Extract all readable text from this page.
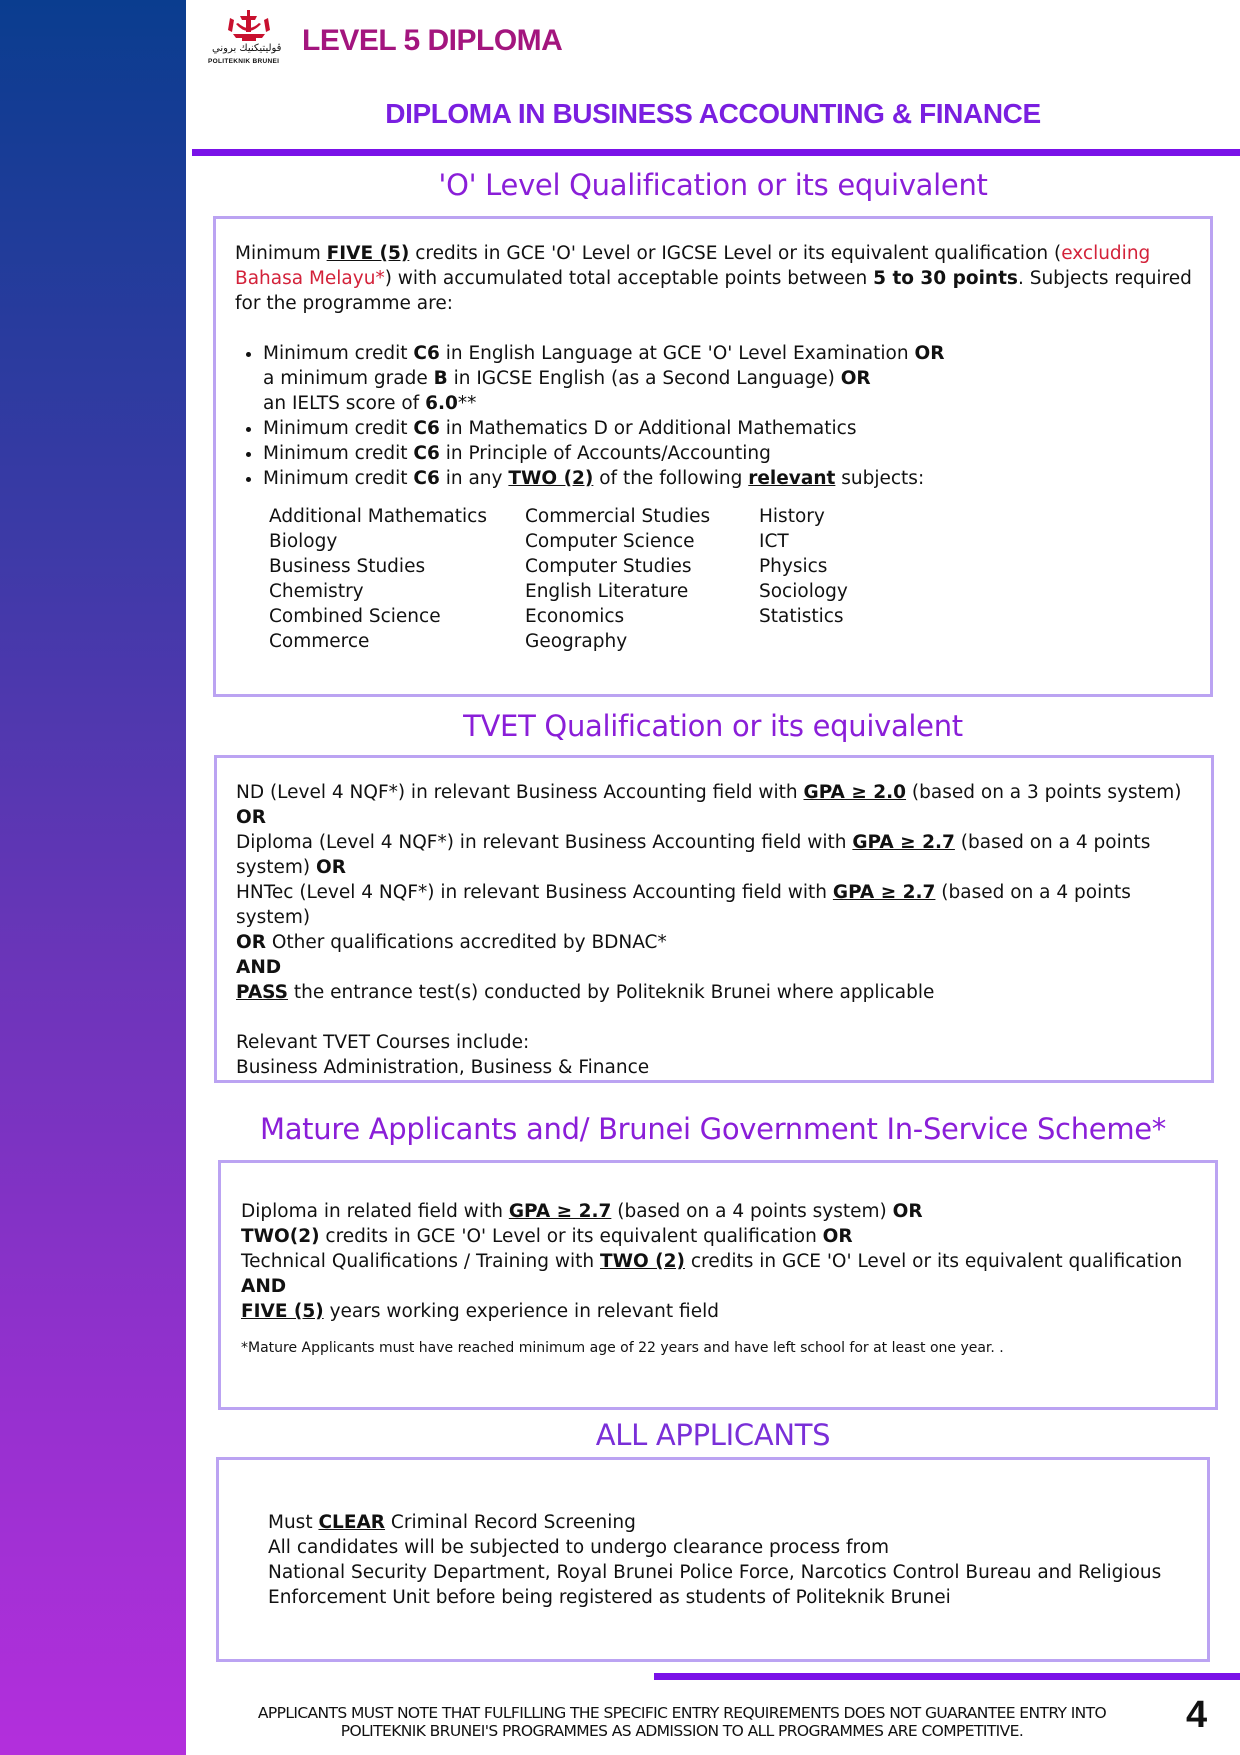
ڤوليتيكنيك بروني
POLITEKNIK BRUNEI
LEVEL 5 DIPLOMA
DIPLOMA IN BUSINESS ACCOUNTING & FINANCE
'O' Level Qualification or its equivalent

Minimum FIVE (5) credits in GCE 'O' Level or IGCSE Level or its equivalent qualification (excluding Bahasa Melayu*) with accumulated total acceptable points between 5 to 30 points. Subjects required for the programme are:

• Minimum credit C6 in English Language at GCE 'O' Level Examination OR
a minimum grade B in IGCSE English (as a Second Language) OR
an IELTS score of 6.0**
• Minimum credit C6 in Mathematics D or Additional Mathematics
• Minimum credit C6 in Principle of Accounts/Accounting
• Minimum credit C6 in any TWO (2) of the following relevant subjects:
Additional Mathematics
Biology
Business Studies
Chemistry
Combined Science
Commerce
Commercial Studies
Computer Science
Computer Studies
English Literature
Economics
Geography
History
ICT
Physics
Sociology
Statistics
TVET Qualification or its equivalent

ND (Level 4 NQF*) in relevant Business Accounting field with GPA ≥ 2.0 (based on a 3 points system)

OR

Diploma (Level 4 NQF*) in relevant Business Accounting field with GPA ≥ 2.7 (based on a 4 points system) OR

HNTec (Level 4 NQF*) in relevant Business Accounting field with GPA ≥ 2.7 (based on a 4 points system)

OR Other qualifications accredited by BDNAC*

AND

PASS the entrance test(s) conducted by Politeknik Brunei where applicable

Relevant TVET Courses include:

Business Administration, Business & Finance

Mature Applicants and/ Brunei Government In-Service Scheme*

Diploma in related field with GPA ≥ 2.7 (based on a 4 points system) OR

TWO(2) credits in GCE 'O' Level or its equivalent qualification OR

Technical Qualifications / Training with TWO (2) credits in GCE 'O' Level or its equivalent qualification

AND

FIVE (5) years working experience in relevant field

*Mature Applicants must have reached minimum age of 22 years and have left school for at least one year. .

ALL APPLICANTS

Must CLEAR Criminal Record Screening

All candidates will be subjected to undergo clearance process from

National Security Department, Royal Brunei Police Force, Narcotics Control Bureau and Religious

Enforcement Unit before being registered as students of Politeknik Brunei

APPLICANTS MUST NOTE THAT FULFILLING THE SPECIFIC ENTRY REQUIREMENTS DOES NOT GUARANTEE ENTRY INTO
POLITEKNIK BRUNEI'S PROGRAMMES AS ADMISSION TO ALL PROGRAMMES ARE COMPETITIVE.	4
